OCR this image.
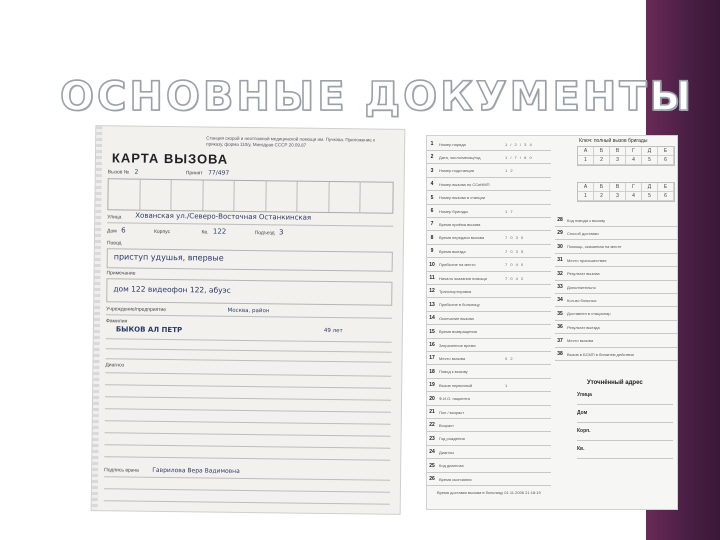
ОСНОВНЫЕ ДОКУМЕНТЫ
Станция скорой и неотложной медицинской помощи им. Пучкова. Приложение к приказу, форма 110/у, Минздрав СССР 20.09.87
КАРТА ВЫЗОВА
Вызов № 2	Принят 77/497
Улица Хованская ул./Северо-Восточная Останкинская
Дом 6	Корпус	Кв. 122	Подъезд 3
Повод
приступ удушья, впервые
Примечание
дом 122 видеофон 122, абуэс
Учреждение/предприятие	Москва, район
Фамилия
БЫКОВ АЛ ПЕТР	49 лет
Диагноз
Подпись врача Гаврилова Вера Вадимовна
1	Номер наряда	1 / 2 / 3 4
2	Дата, число/месяц/год	1 / 7 / 6 0
3	Номер подстанции	1 2
4	Номер вызова по ССиНМП
5	Номер вызова в станции
6	Номер бригады	1 7
7	Время приёма вызова
8	Время передачи вызова	7 0 3 0
9	Время выезда	7 0 3 5
10	Прибытие на место	7 0 4 0
11	Начало оказания помощи	7 0 4 2
12	Транспортировка
13	Прибытие в больницу
14	Окончание вызова
15	Время возвращения
16	Затраченное время
17	Место вызова	0 2
18	Повод к вызову
19	Вызов первичный	1
20	Ф.И.О. пациента
21	Пол / возраст
22	Возраст
23	Год рождения
24	Диагноз
25	Код диагноза
26	Время окончания
28	Код повода к вызову
29	Способ доставки
30	Помощь, оказанная на месте
31	Место происшествия
32	Результат вызова
33	Дополнительно
34	Кол-во больных
35	Доставлен в стационар
36	Результат выезда
37	Место вызова
38	Вызов в БСМП в ближнем действии
Ключ: полный вызов бригады
А	Б	В	Г	Д	Е
1	2	3	4	5	6
А	Б	В	Г	Д	Е
1	2	3	4	5	6
Уточнённый адрес
Улица
Дом
Корп.
Кв.
Время доставки вызова в больницу 01.11.2006 21:18:19
